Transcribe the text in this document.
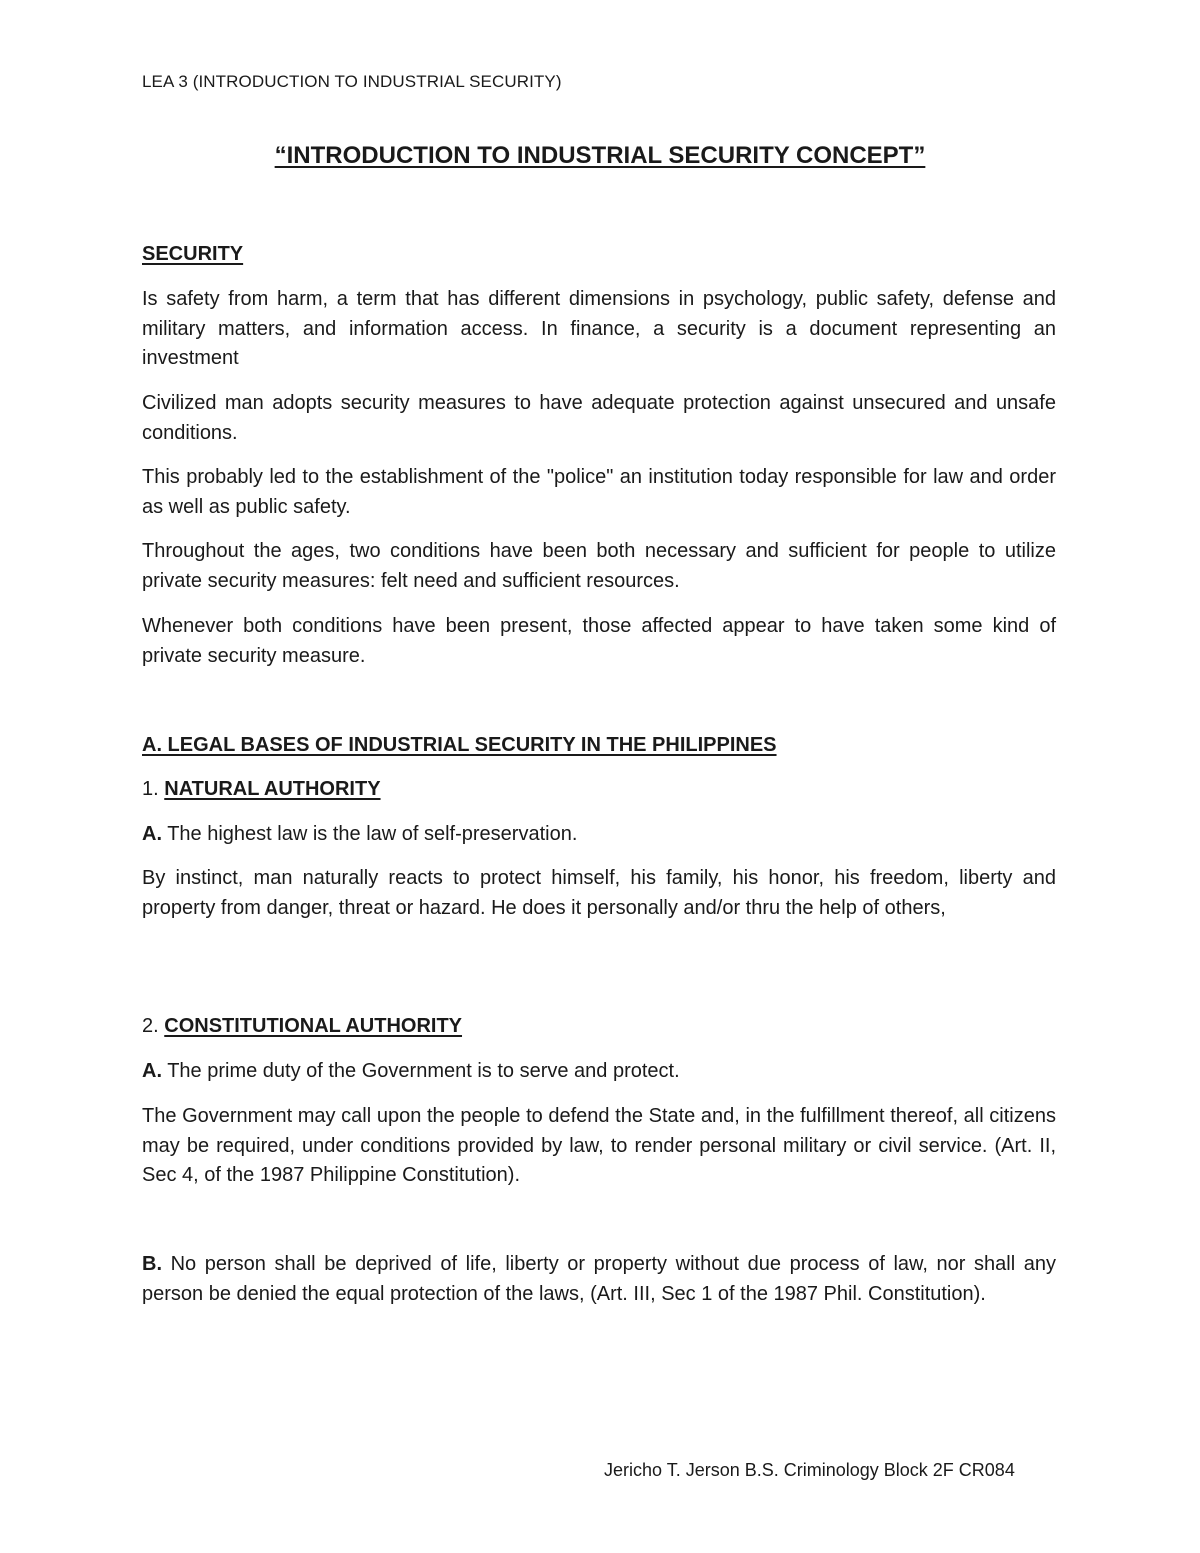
LEA 3 (INTRODUCTION TO INDUSTRIAL SECURITY)
“INTRODUCTION TO INDUSTRIAL SECURITY CONCEPT”
SECURITY
Is safety from harm, a term that has different dimensions in psychology, public safety, defense and military matters, and information access. In finance, a security is a document representing an investment
Civilized man adopts security measures to have adequate protection against unsecured and unsafe conditions.
This probably led to the establishment of the "police" an institution today responsible for law and order as well as public safety.
Throughout the ages, two conditions have been both necessary and sufficient for people to utilize private security measures: felt need and sufficient resources.
Whenever both conditions have been present, those affected appear to have taken some kind of private security measure.
A. LEGAL BASES OF INDUSTRIAL SECURITY IN THE PHILIPPINES
1. NATURAL AUTHORITY
A. The highest law is the law of self-preservation.
By instinct, man naturally reacts to protect himself, his family, his honor, his freedom, liberty and property from danger, threat or hazard. He does it personally and/or thru the help of others,
2. CONSTITUTIONAL AUTHORITY
A. The prime duty of the Government is to serve and protect.
The Government may call upon the people to defend the State and, in the fulfillment thereof, all citizens may be required, under conditions provided by law, to render personal military or civil service. (Art. II, Sec 4, of the 1987 Philippine Constitution).
B. No person shall be deprived of life, liberty or property without due process of law, nor shall any person be denied the equal protection of the laws, (Art. III, Sec 1 of the 1987 Phil. Constitution).
Jericho T. Jerson B.S. Criminology Block 2F CR084
